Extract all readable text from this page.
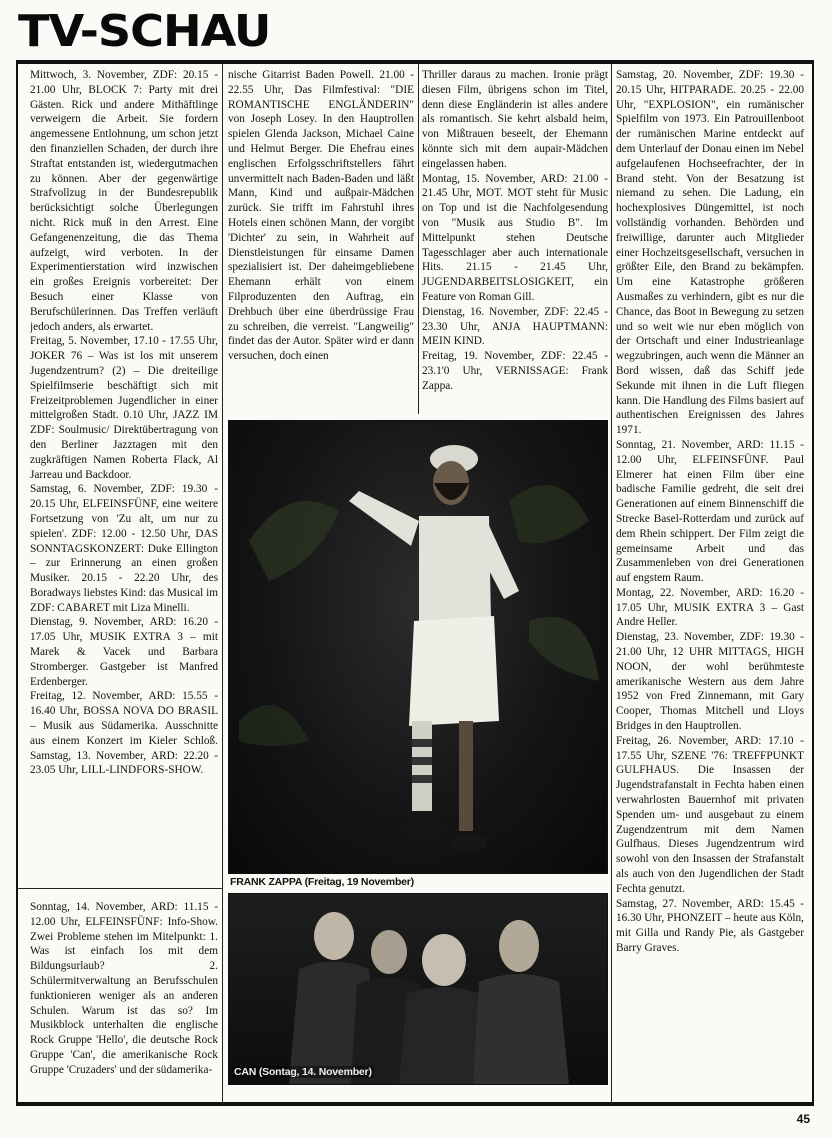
TV-SCHAU
Mittwoch, 3. November, ZDF: 20.15 - 21.00 Uhr, BLOCK 7: Party mit drei Gästen. Rick und andere Mithäftlinge verweigern die Arbeit. Sie fordern angemessene Entlohnung, um schon jetzt den finanziellen Schaden, der durch ihre Straftat entstanden ist, wiedergutmachen zu können. Aber der gegenwärtige Strafvollzug in der Bundesrepublik berücksichtigt solche Überlegungen nicht. Rick muß in den Arrest. Eine Gefangenenzeitung, die das Thema aufzeigt, wird verboten. In der Experimentierstation wird inzwischen ein großes Ereignis vorbereitet: Der Besuch einer Klasse von Berufschülerinnen. Das Treffen verläuft jedoch anders, als erwartet.
Freitag, 5. November, 17.10 - 17.55 Uhr, JOKER 76 – Was ist los mit unserem Jugendzentrum? (2) – Die dreiteilige Spielfilmserie beschäftigt sich mit Freizeitproblemen Jugendlicher in einer mittelgroßen Stadt. 0.10 Uhr, JAZZ IM ZDF: Soulmusic/ Direktübertragung von den Berliner Jazztagen mit den zugkräftigen Namen Roberta Flack, Al Jarreau und Backdoor.
Samstag, 6. November, ZDF: 19.30 - 20.15 Uhr, ELFEINSFÜNF, eine weitere Fortsetzung von 'Zu alt, um nur zu spielen'. ZDF: 12.00 - 12.50 Uhr, DAS SONNTAGSKONZERT: Duke Ellington – zur Erinnerung an einen großen Musiker. 20.15 - 22.20 Uhr, des Boradways liebstes Kind: das Musical im ZDF: CABARET mit Liza Minelli.
Dienstag, 9. November, ARD: 16.20 - 17.05 Uhr, MUSIK EXTRA 3 – mit Marek & Vacek und Barbara Stromberger. Gastgeber ist Manfred Erdenberger.
Freitag, 12. November, ARD: 15.55 - 16.40 Uhr, BOSSA NOVA DO BRASIL – Musik aus Südamerika. Ausschnitte aus einem Konzert im Kieler Schloß. Samstag, 13. November, ARD: 22.20 - 23.05 Uhr, LILL-LINDFORS-SHOW.
Sonntag, 14. November, ARD: 11.15 - 12.00 Uhr, ELFEINSFÜNF: Info-Show. Zwei Probleme stehen im Mitelpunkt: 1. Was ist einfach los mit dem Bildungsurlaub? 2. Schülermitverwaltung an Berufsschulen funktionieren weniger als an anderen Schulen. Warum ist das so? Im Musikblock unterhalten die englische Rock Gruppe 'Hello', die deutsche Rock Gruppe 'Can', die amerikanische Rock Gruppe 'Cruzaders' und der südamerika-
nische Gitarrist Baden Powell. 21.00 - 22.55 Uhr, Das Filmfestival: "DIE ROMANTISCHE ENGLÄNDERIN" von Joseph Losey. In den Hauptrollen spielen Glenda Jackson, Michael Caine und Helmut Berger. Die Ehefrau eines englischen Erfolgsschriftstellers fährt unvermittelt nach Baden-Baden und läßt Mann, Kind und außpair-Mädchen zurück. Sie trifft im Fahrstuhl ihres Hotels einen schönen Mann, der vorgibt 'Dichter' zu sein, in Wahrheit auf Dienstleistungen für einsame Damen spezialisiert ist. Der daheimgebliebene Ehemann erhält von einem Filproduzenten den Auftrag, ein Drehbuch über eine überdrüssige Frau zu schreiben, die verreist. "Langweilig" findet das der Autor. Später wird er dann versuchen, doch einen
Thriller daraus zu machen. Ironie prägt diesen Film, übrigens schon im Titel, denn diese Engländerin ist alles andere als romantisch. Sie kehrt alsbald heim, von Mißtrauen beseelt, der Ehemann könnte sich mit dem aupair-Mädchen eingelassen haben.
Montag, 15. November, ARD: 21.00 - 21.45 Uhr, MOT. MOT steht für Music on Top und ist die Nachfolgesendung von "Musik aus Studio B". Im Mittelpunkt stehen Deutsche Tagesschlager aber auch internationale Hits. 21.15 - 21.45 Uhr, JUGENDARBEITSLOSIGKEIT, ein Feature von Roman Gill.
Dienstag, 16. November, ZDF: 22.45 - 23.30 Uhr, ANJA HAUPTMANN: MEIN KIND.
Freitag, 19. November, ZDF: 22.45 - 23.1'0 Uhr, VERNISSAGE: Frank Zappa.
Samstag, 20. November, ZDF: 19.30 - 20.15 Uhr, HITPARADE. 20.25 - 22.00 Uhr, "EXPLOSION", ein rumänischer Spielfilm von 1973. Ein Patrouillenboot der rumänischen Marine entdeckt auf dem Unterlauf der Donau einen im Nebel aufgelaufenen Hochseefrachter, der in Brand steht. Von der Besatzung ist niemand zu sehen. Die Ladung, ein hochexplosives Düngemittel, ist noch vollständig vorhanden. Behörden und freiwillige, darunter auch Mitglieder einer Hochzeitsgesellschaft, versuchen in größter Eile, den Brand zu bekämpfen. Um eine Katastrophe größeren Ausmaßes zu verhindern, gibt es nur die Chance, das Boot in Bewegung zu setzen und so weit wie nur eben möglich von der Ortschaft und einer Industrieanlage wegzubringen, auch wenn die Männer an Bord wissen, daß das Schiff jede Sekunde mit ihnen in die Luft fliegen kann. Die Handlung des Films basiert auf authentischen Ereignissen des Jahres 1971.
Sonntag, 21. November, ARD: 11.15 - 12.00 Uhr, ELFEINSFÜNF. Paul Elmerer hat einen Film über eine badische Familie gedreht, die seit drei Generationen auf einem Binnenschiff die Strecke Basel-Rotterdam und zurück auf dem Rhein schippert. Der Film zeigt die gemeinsame Arbeit und das Zusammenleben von drei Generationen auf engstem Raum.
Montag, 22. November, ARD: 16.20 - 17.05 Uhr, MUSIK EXTRA 3 – Gast Andre Heller.
Dienstag, 23. November, ZDF: 19.30 - 21.00 Uhr, 12 UHR MITTAGS, HIGH NOON, der wohl berühmteste amerikanische Western aus dem Jahre 1952 von Fred Zinnemann, mit Gary Cooper, Thomas Mitchell und Lloys Bridges in den Hauptrollen.
Freitag, 26. November, ARD: 17.10 - 17.55 Uhr, SZENE '76: TREFFPUNKT GULFHAUS. Die Insassen der Jugendstrafanstalt in Fechta haben einen verwahrlosten Bauernhof mit privaten Spenden um- und ausgebaut zu einem Zugendzentrum mit dem Namen Gulfhaus. Dieses Jugendzentrum wird sowohl von den Insassen der Strafanstalt als auch von den Jugendlichen der Stadt Fechta genutzt.
Samstag, 27. November, ARD: 15.45 - 16.30 Uhr, PHONZEIT – heute aus Köln, mit Gilla und Randy Pie, als Gastgeber Barry Graves.
FRANK ZAPPA (Freitag, 19 November)
CAN (Sontag, 14. November)
45
